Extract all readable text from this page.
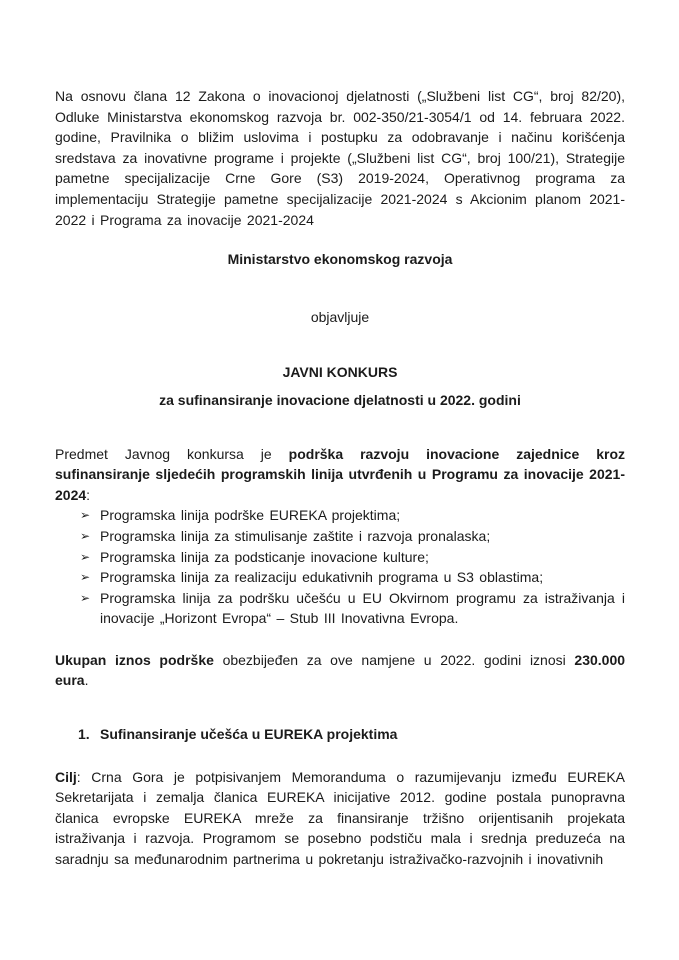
Na osnovu člana 12 Zakona o inovacionoj djelatnosti („Službeni list CG“, broj 82/20), Odluke Ministarstva ekonomskog razvoja br. 002-350/21-3054/1 od 14. februara 2022. godine, Pravilnika o bližim uslovima i postupku za odobravanje i načinu korišćenja sredstava za inovativne programe i projekte („Službeni list CG“, broj 100/21), Strategije pametne specijalizacije Crne Gore (S3) 2019-2024, Operativnog programa za implementaciju Strategije pametne specijalizacije 2021-2024 s Akcionim planom 2021-2022 i Programa za inovacije 2021-2024

Ministarstvo ekonomskog razvoja

objavljuje

JAVNI KONKURS

za sufinansiranje inovacione djelatnosti u 2022. godini

Predmet Javnog konkursa je podrška razvoju inovacione zajednice kroz sufinansiranje sljedećih programskih linija utvrđenih u Programu za inovacije 2021-2024:

➢ Programska linija podrške EUREKA projektima;
➢ Programska linija za stimulisanje zaštite i razvoja pronalaska;
➢ Programska linija za podsticanje inovacione kulture;
➢ Programska linija za realizaciju edukativnih programa u S3 oblastima;
➢ Programska linija za podršku učešću u EU Okvirnom programu za istraživanja i inovacije „Horizont Evropa“ – Stub III Inovativna Evropa.

Ukupan iznos podrške obezbijeđen za ove namjene u 2022. godini iznosi 230.000 eura.

1. Sufinansiranje učešća u EUREKA projektima

Cilj: Crna Gora je potpisivanjem Memoranduma o razumijevanju između EUREKA Sekretarijata i zemalja članica EUREKA inicijative 2012. godine postala punopravna članica evropske EUREKA mreže za finansiranje tržišno orijentisanih projekata istraživanja i razvoja. Programom se posebno podstiču mala i srednja preduzeća na saradnju sa međunarodnim partnerima u pokretanju istraživačko-razvojnih i inovativnih
